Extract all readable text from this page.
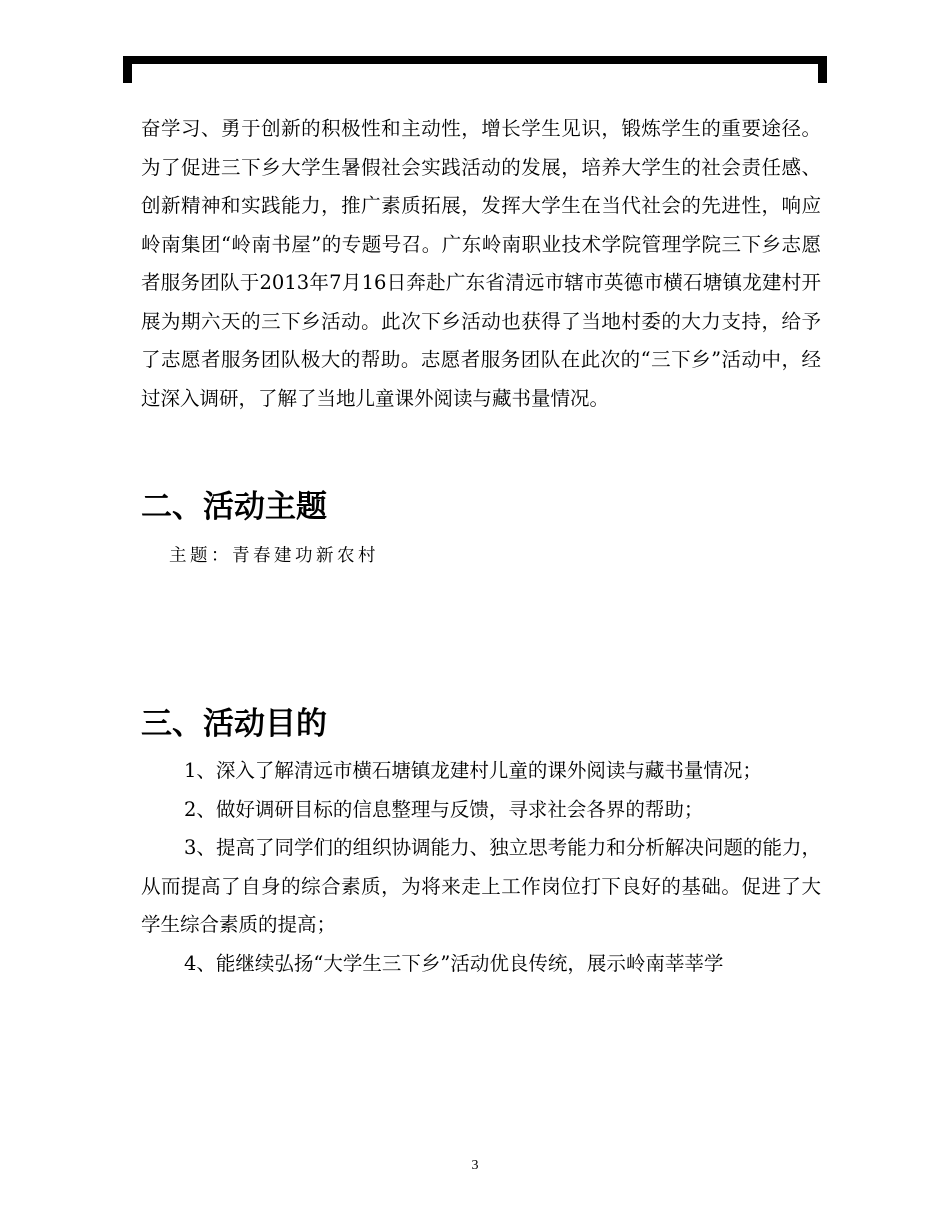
奋学习、勇于创新的积极性和主动性，增长学生见识，锻炼学生的重要途径。为了促进三下乡大学生暑假社会实践活动的发展，培养大学生的社会责任感、创新精神和实践能力，推广素质拓展，发挥大学生在当代社会的先进性，响应岭南集团“岭南书屋”的专题号召。广东岭南职业技术学院管理学院三下乡志愿者服务团队于2013年7月16日奔赴广东省清远市辖市英德市横石塘镇龙建村开展为期六天的三下乡活动。此次下乡活动也获得了当地村委的大力支持，给予了志愿者服务团队极大的帮助。志愿者服务团队在此次的“三下乡”活动中，经过深入调研，了解了当地儿童课外阅读与藏书量情况。

二、活动主题

主题：青春建功新农村

三、活动目的

1、深入了解清远市横石塘镇龙建村儿童的课外阅读与藏书量情况；

2、做好调研目标的信息整理与反馈，寻求社会各界的帮助；

3、提高了同学们的组织协调能力、独立思考能力和分析解决问题的能力，从而提高了自身的综合素质，为将来走上工作岗位打下良好的基础。促进了大学生综合素质的提高；

4、能继续弘扬“大学生三下乡”活动优良传统，展示岭南莘莘学

3
